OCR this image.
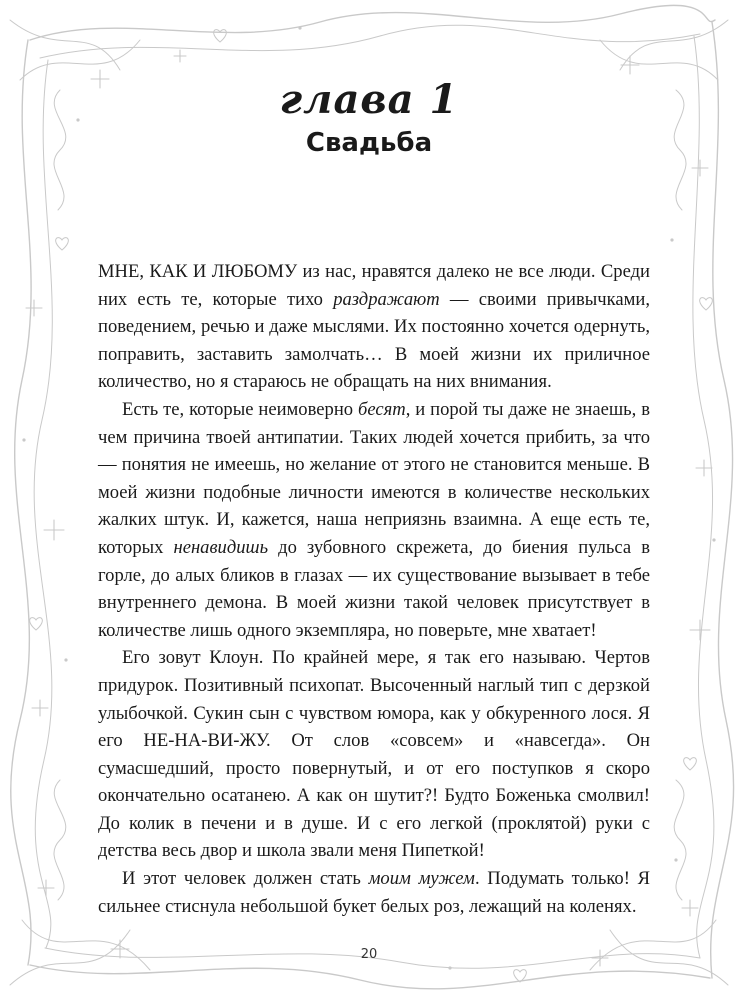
глава 1
Свадьба

МНЕ, КАК И ЛЮБОМУ из нас, нравятся далеко не все люди. Среди них есть те, которые тихо раздражают — своими привычками, поведением, речью и даже мыслями. Их постоянно хочется одернуть, поправить, заставить замолчать… В моей жизни их приличное количество, но я стараюсь не обращать на них внимания.

Есть те, которые неимоверно бесят, и порой ты даже не знаешь, в чем причина твоей антипатии. Таких людей хочется прибить, за что — понятия не имеешь, но желание от этого не становится меньше. В моей жизни подобные личности имеются в количестве нескольких жалких штук. И, кажется, наша неприязнь взаимна. А еще есть те, которых ненавидишь до зубовного скрежета, до биения пульса в горле, до алых бликов в глазах — их существование вызывает в тебе внутреннего демона. В моей жизни такой человек присутствует в количестве лишь одного экземпляра, но поверьте, мне хватает!

Его зовут Клоун. По крайней мере, я так его называю. Чертов придурок. Позитивный психопат. Высоченный наглый тип с дерзкой улыбочкой. Сукин сын с чувством юмора, как у обкуренного лося. Я его НЕ-НА-ВИ-ЖУ. От слов «совсем» и «навсегда». Он сумасшедший, просто повернутый, и от его поступков я скоро окончательно осатанею. А как он шутит?! Будто Боженька смолвил! До колик в печени и в душе. И с его легкой (проклятой) руки с детства весь двор и школа звали меня Пипеткой!

И этот человек должен стать моим мужем. Подумать только! Я сильнее стиснула небольшой букет белых роз, лежащий на коленях.

20
